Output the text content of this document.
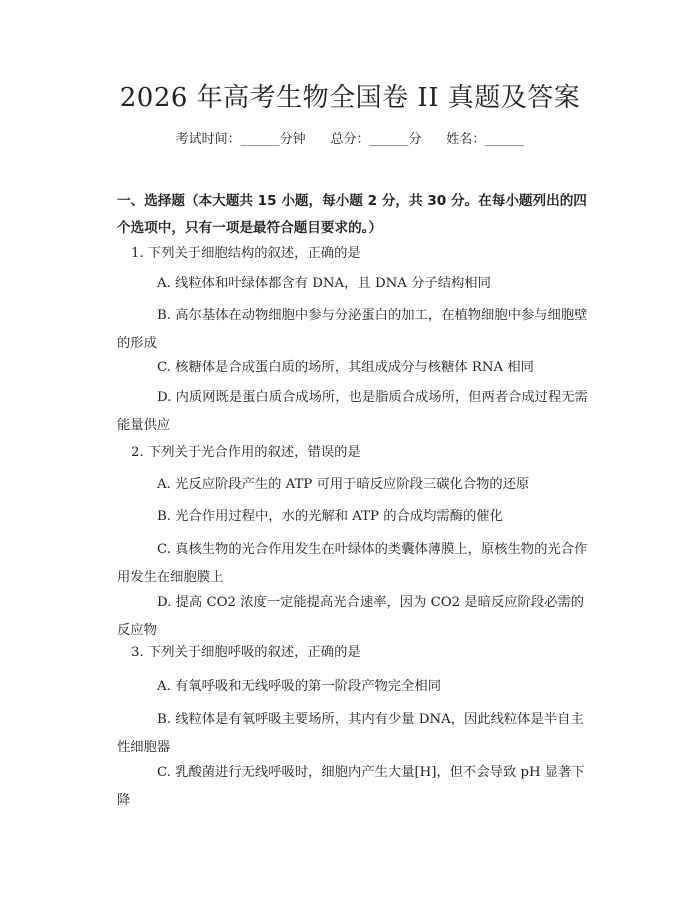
2026 年高考生物全国卷 II 真题及答案
考试时间：______分钟 总分：______分 姓名：______
一、选择题（本大题共 15 小题，每小题 2 分，共 30 分。在每小题列出的四个选项中，只有一项是最符合题目要求的。）
1. 下列关于细胞结构的叙述，正确的是
A. 线粒体和叶绿体都含有 DNA，且 DNA 分子结构相同
B. 高尔基体在动物细胞中参与分泌蛋白的加工，在植物细胞中参与细胞壁的形成
C. 核糖体是合成蛋白质的场所，其组成成分与核糖体 RNA 相同
D. 内质网既是蛋白质合成场所，也是脂质合成场所，但两者合成过程无需能量供应
2. 下列关于光合作用的叙述，错误的是
A. 光反应阶段产生的 ATP 可用于暗反应阶段三碳化合物的还原
B. 光合作用过程中，水的光解和 ATP 的合成均需酶的催化
C. 真核生物的光合作用发生在叶绿体的类囊体薄膜上，原核生物的光合作用发生在细胞膜上
D. 提高 CO2 浓度一定能提高光合速率，因为 CO2 是暗反应阶段必需的反应物
3. 下列关于细胞呼吸的叙述，正确的是
A. 有氧呼吸和无线呼吸的第一阶段产物完全相同
B. 线粒体是有氧呼吸主要场所，其内有少量 DNA，因此线粒体是半自主性细胞器
C. 乳酸菌进行无线呼吸时，细胞内产生大量[H]，但不会导致 pH 显著下降
